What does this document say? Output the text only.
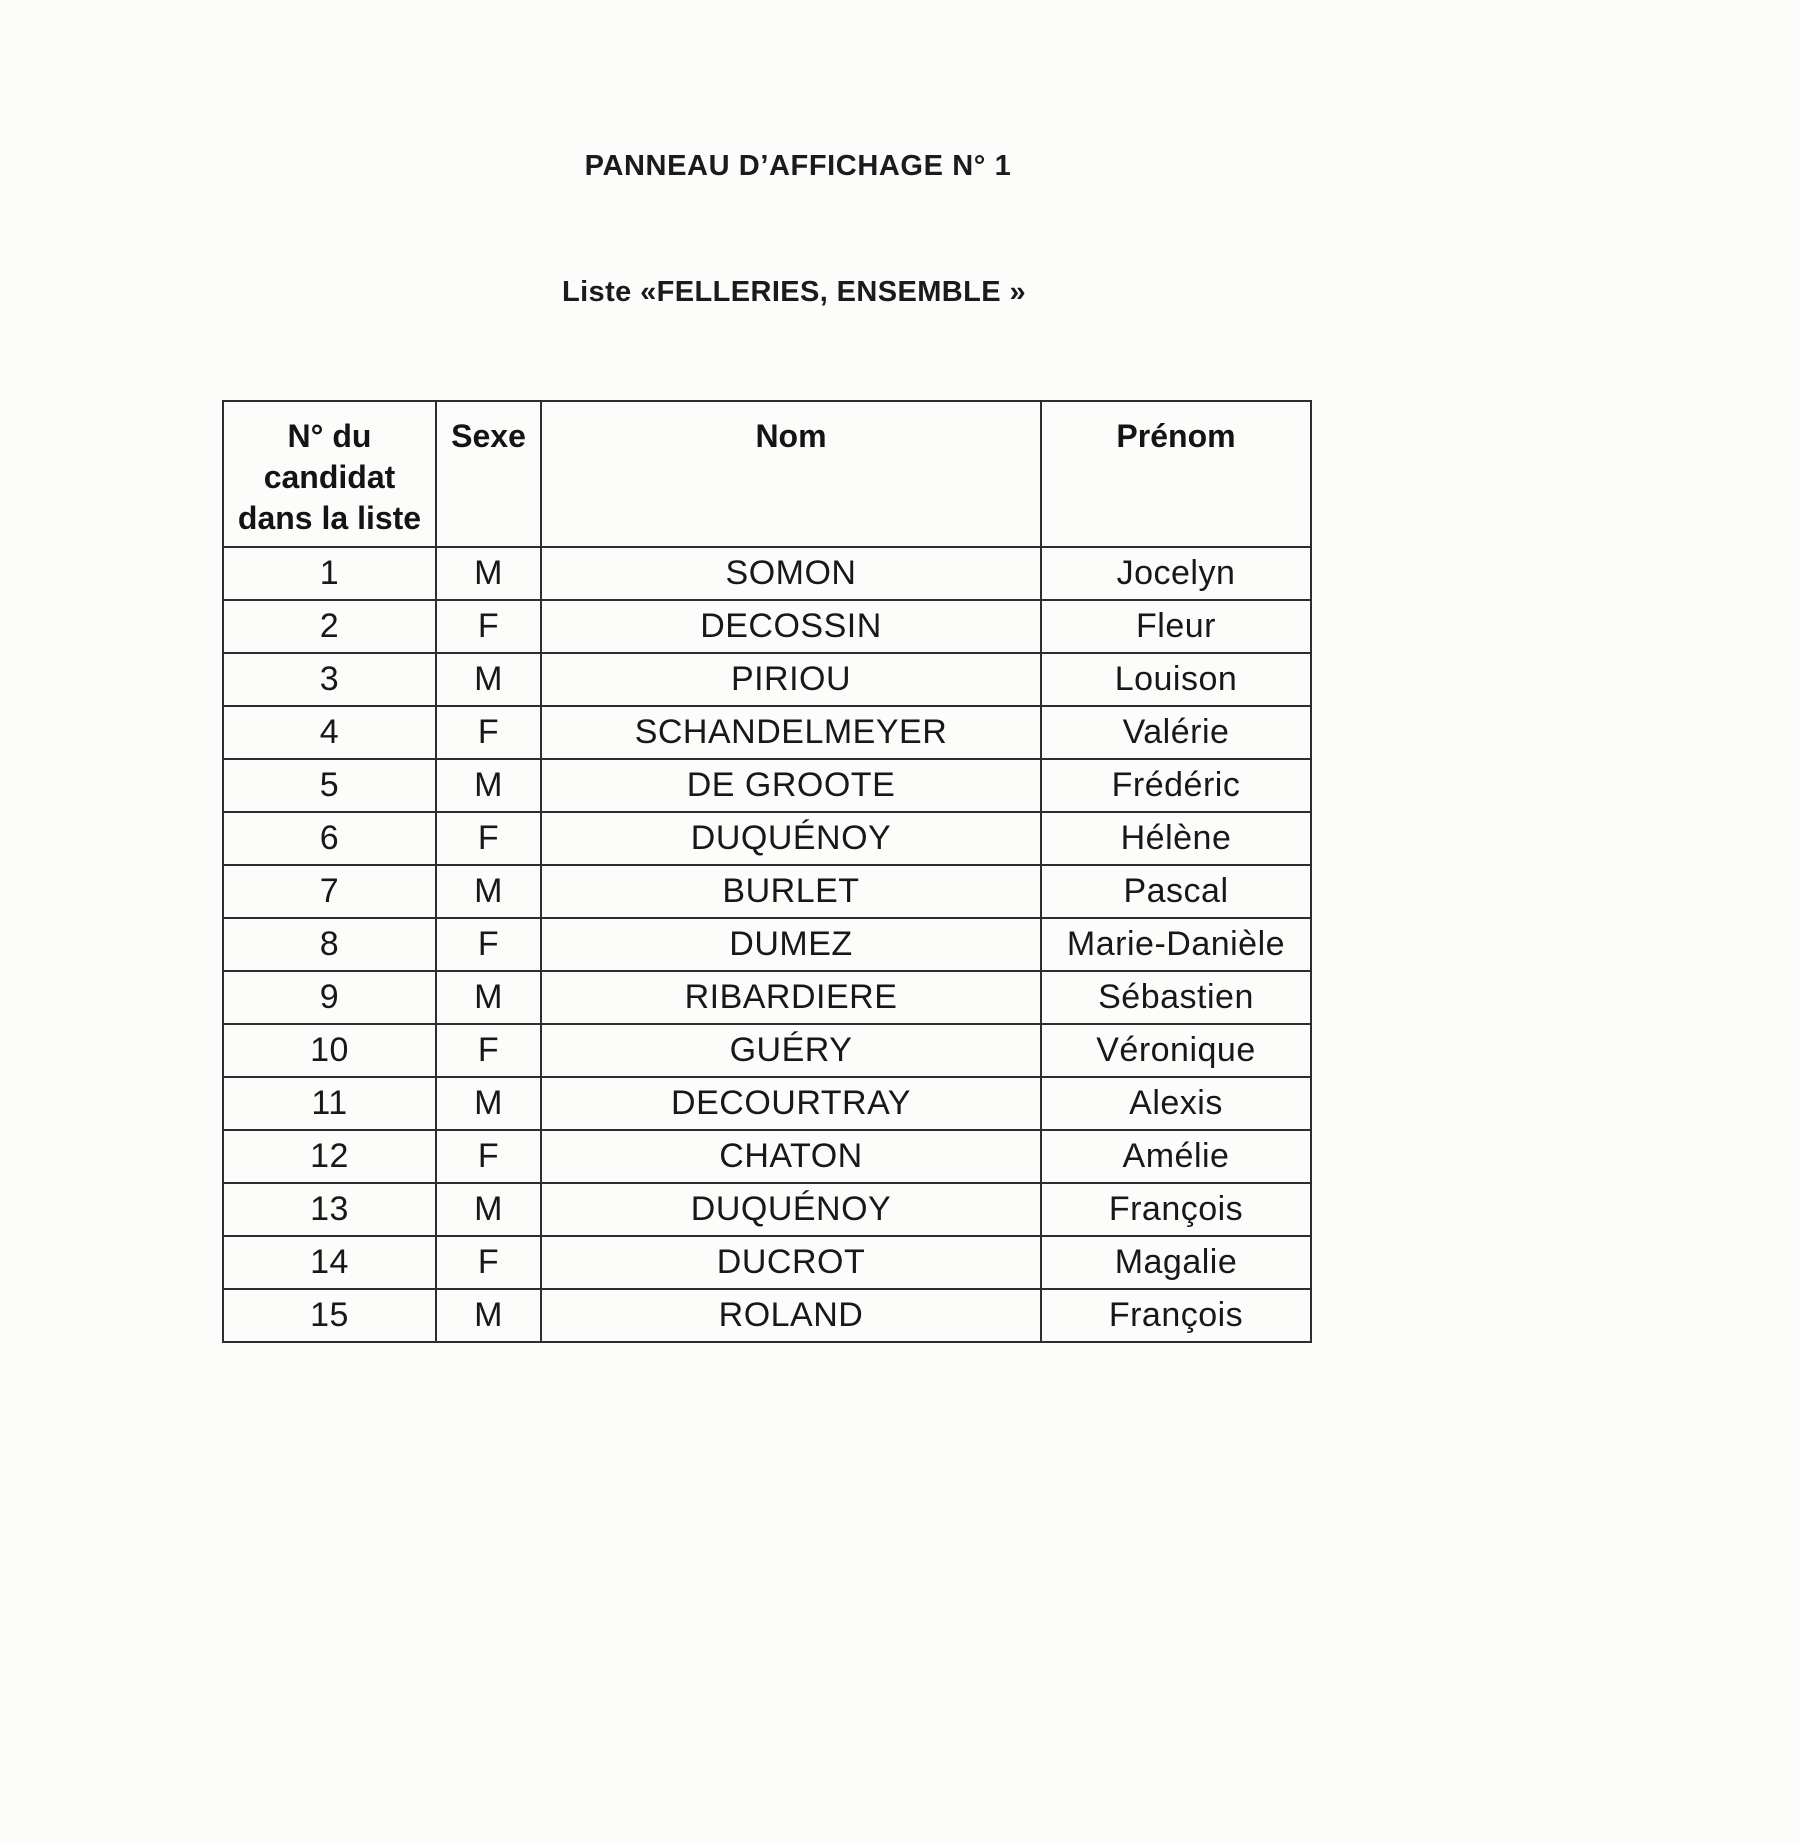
PANNEAU D’AFFICHAGE N° 1
Liste «FELLERIES, ENSEMBLE »
N° du candidat dans la liste	Sexe	Nom	Prénom
1	M	SOMON	Jocelyn
2	F	DECOSSIN	Fleur
3	M	PIRIOU	Louison
4	F	SCHANDELMEYER	Valérie
5	M	DE GROOTE	Frédéric
6	F	DUQUÉNOY	Hélène
7	M	BURLET	Pascal
8	F	DUMEZ	Marie-Danièle
9	M	RIBARDIERE	Sébastien
10	F	GUÉRY	Véronique
11	M	DECOURTRAY	Alexis
12	F	CHATON	Amélie
13	M	DUQUÉNOY	François
14	F	DUCROT	Magalie
15	M	ROLAND	François
